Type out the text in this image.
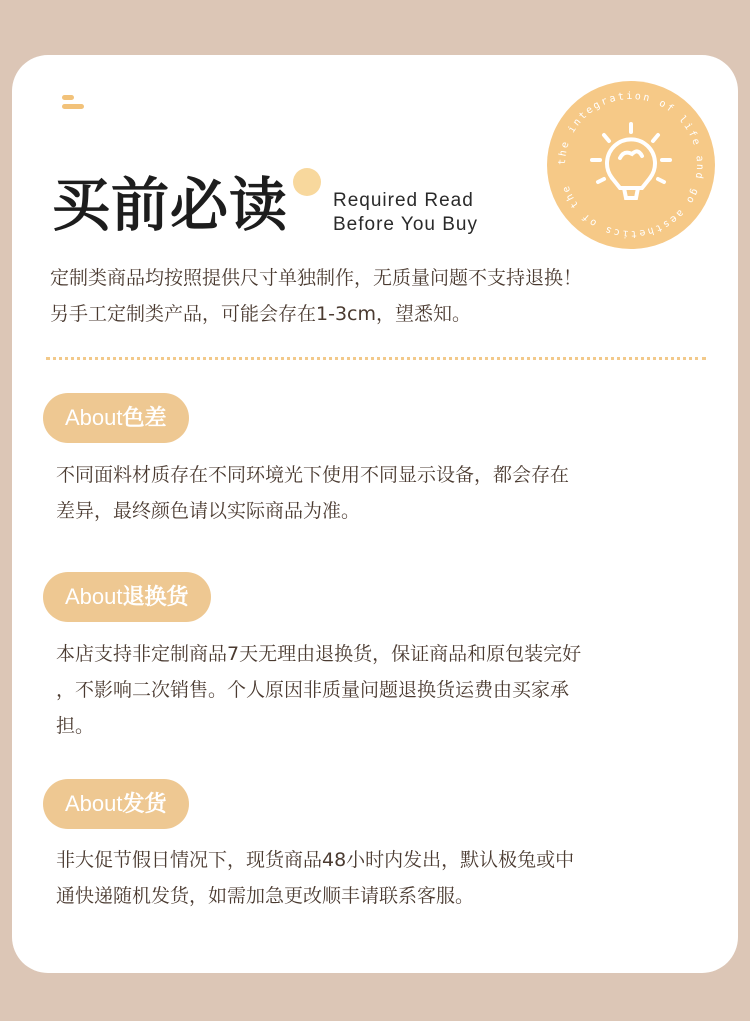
the integration of life and go aesthetics of the
买前必读 Required Read
Before You Buy
定制类商品均按照提供尺寸单独制作，无质量问题不支持退换！
另手工定制类产品，可能会存在1-3cm，望悉知。
About色差
不同面料材质存在不同环境光下使用不同显示设备，都会存在
差异，最终颜色请以实际商品为准。
About退换货
本店支持非定制商品7天无理由退换货，保证商品和原包装完好
，不影响二次销售。个人原因非质量问题退换货运费由买家承
担。
About发货
非大促节假日情况下，现货商品48小时内发出，默认极兔或中
通快递随机发货，如需加急更改顺丰请联系客服。
